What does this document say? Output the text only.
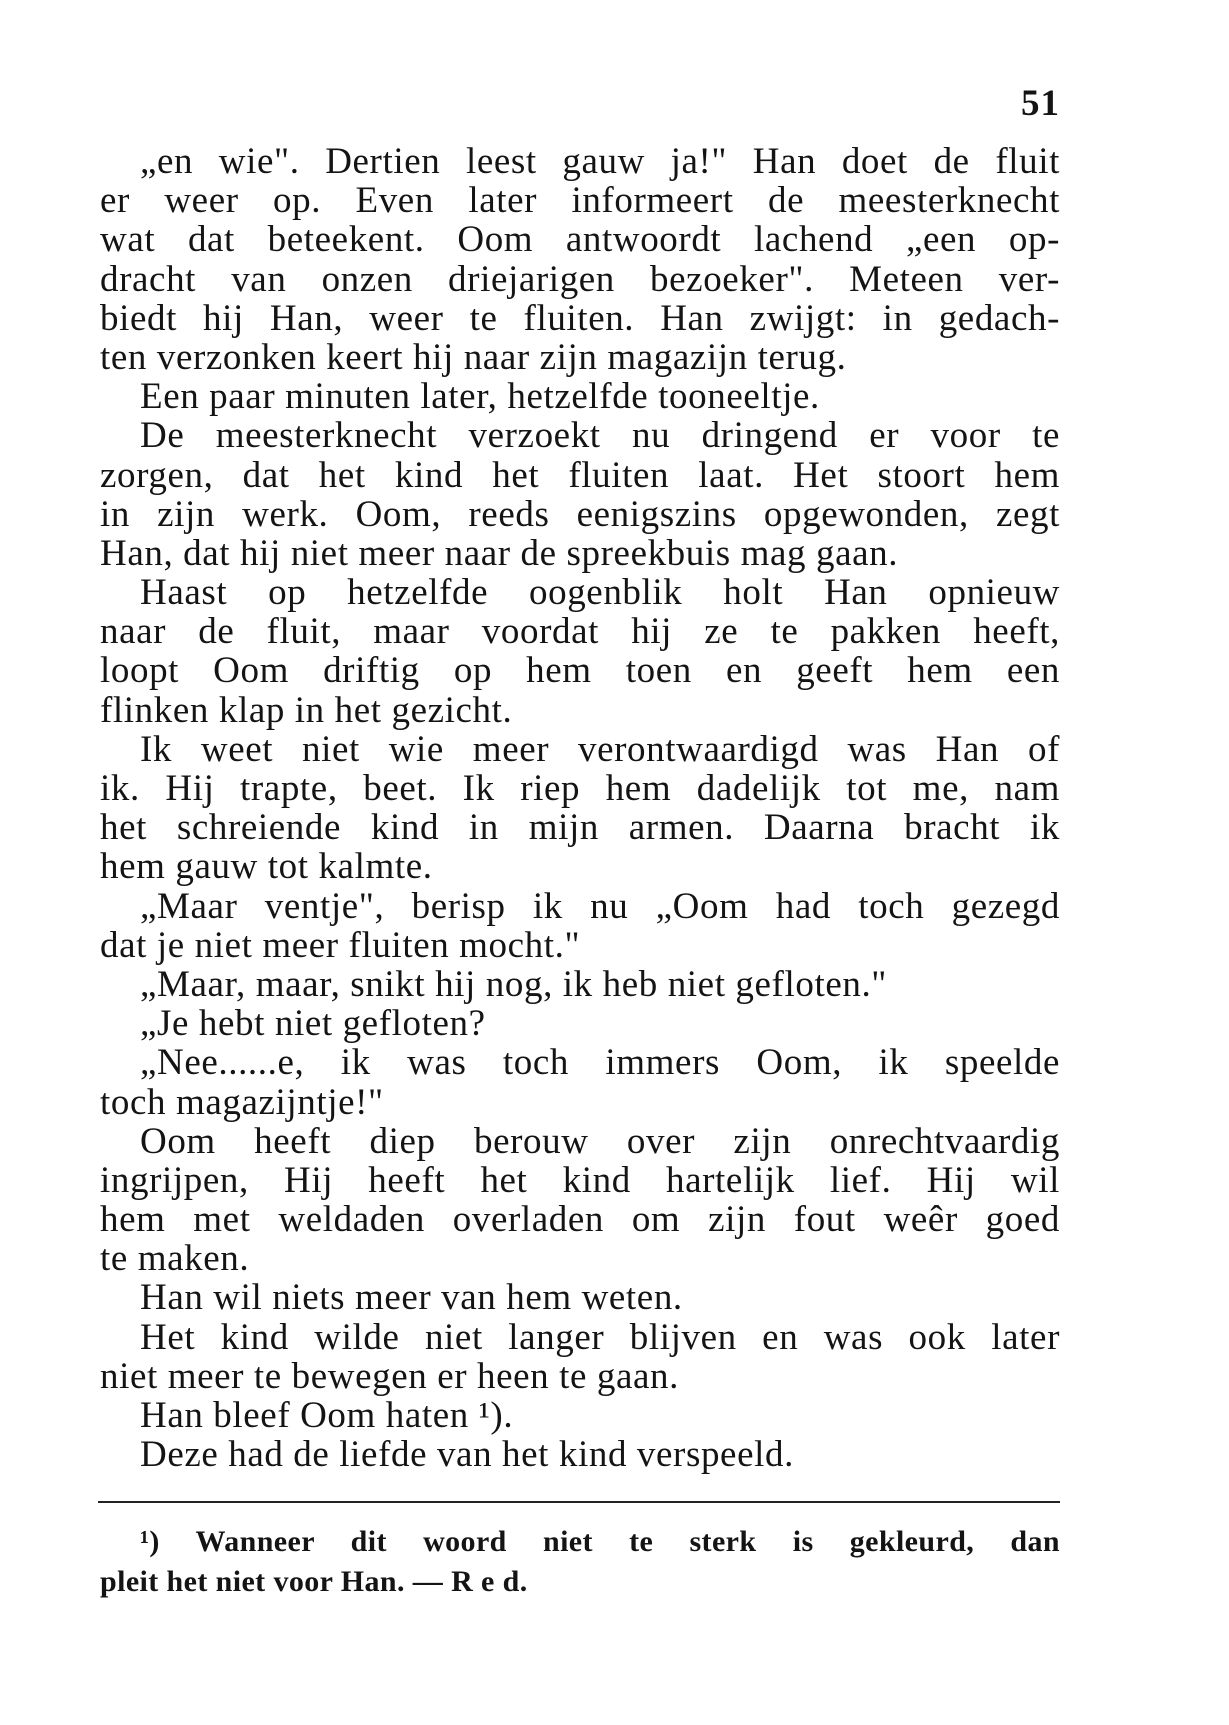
51
„en wie". Dertien leest gauw ja!" Han doet de fluit
er weer op. Even later informeert de meesterknecht
wat dat beteekent. Oom antwoordt lachend „een op-
dracht van onzen driejarigen bezoeker". Meteen ver-
biedt hij Han, weer te fluiten. Han zwijgt: in gedach-
ten verzonken keert hij naar zijn magazijn terug.
Een paar minuten later, hetzelfde tooneeltje.
De meesterknecht verzoekt nu dringend er voor te
zorgen, dat het kind het fluiten laat. Het stoort hem
in zijn werk. Oom, reeds eenigszins opgewonden, zegt
Han, dat hij niet meer naar de spreekbuis mag gaan.
Haast op hetzelfde oogenblik holt Han opnieuw
naar de fluit, maar voordat hij ze te pakken heeft,
loopt Oom driftig op hem toen en geeft hem een
flinken klap in het gezicht.
Ik weet niet wie meer verontwaardigd was Han of
ik. Hij trapte, beet. Ik riep hem dadelijk tot me, nam
het schreiende kind in mijn armen. Daarna bracht ik
hem gauw tot kalmte.
„Maar ventje", berisp ik nu „Oom had toch gezegd
dat je niet meer fluiten mocht."
„Maar, maar, snikt hij nog, ik heb niet gefloten."
„Je hebt niet gefloten?
„Nee......e, ik was toch immers Oom, ik speelde
toch magazijntje!"
Oom heeft diep berouw over zijn onrechtvaardig
ingrijpen, Hij heeft het kind hartelijk lief. Hij wil
hem met weldaden overladen om zijn fout weêr goed
te maken.
Han wil niets meer van hem weten.
Het kind wilde niet langer blijven en was ook later
niet meer te bewegen er heen te gaan.
Han bleef Oom haten ¹).
Deze had de liefde van het kind verspeeld.
¹) Wanneer dit woord niet te sterk is gekleurd, dan
pleit het niet voor Han. — R e d.
